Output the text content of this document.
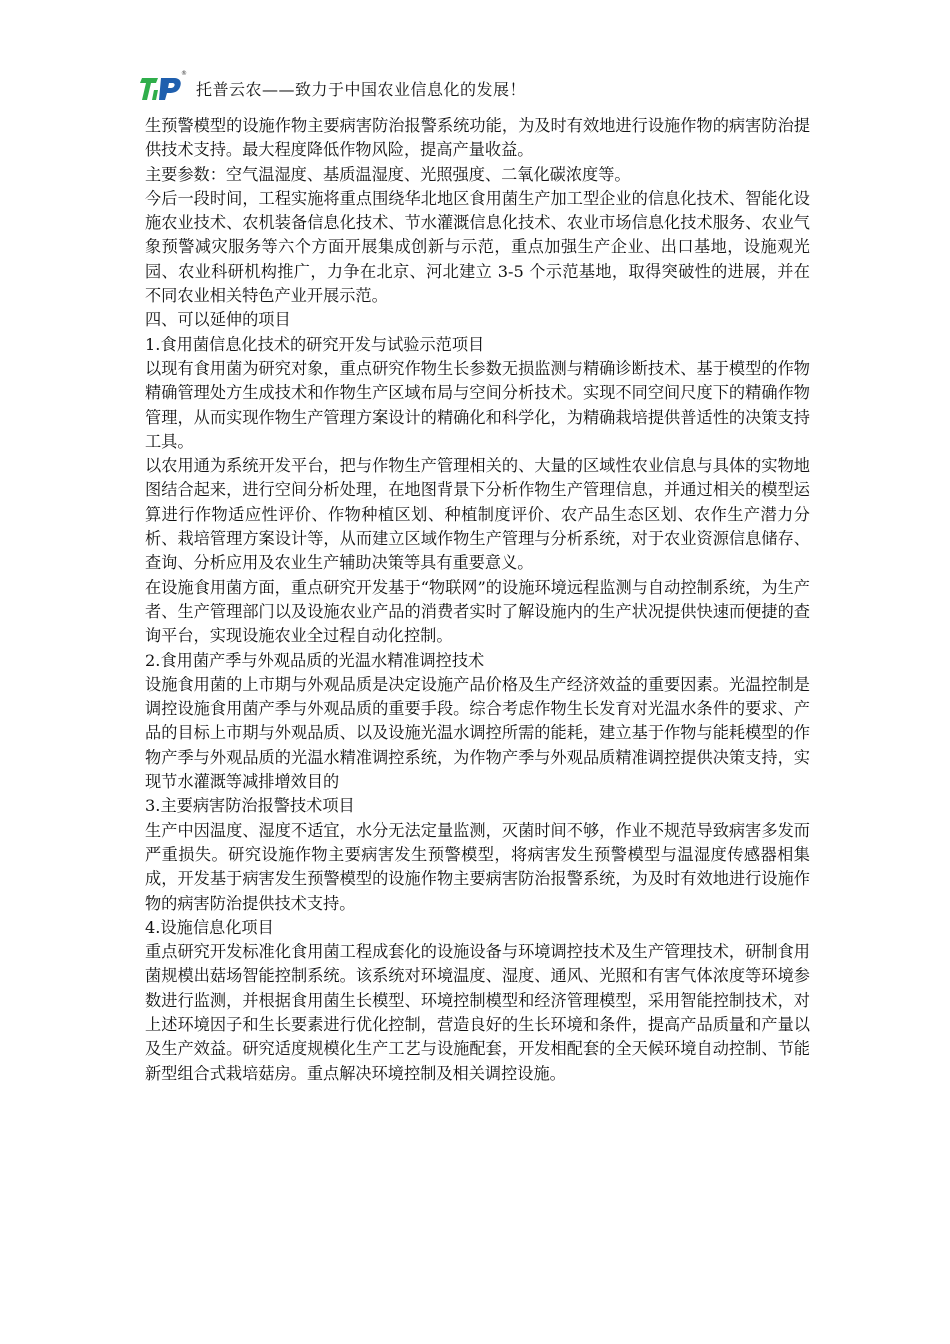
®
托普云农——致力于中国农业信息化的发展！

生预警模型的设施作物主要病害防治报警系统功能，为及时有效地进行设施作物的病害防治提供技术支持。最大程度降低作物风险，提高产量收益。

主要参数：空气温湿度、基质温湿度、光照强度、二氧化碳浓度等。

今后一段时间，工程实施将重点围绕华北地区食用菌生产加工型企业的信息化技术、智能化设施农业技术、农机装备信息化技术、节水灌溉信息化技术、农业市场信息化技术服务、农业气象预警减灾服务等六个方面开展集成创新与示范，重点加强生产企业、出口基地，设施观光园、农业科研机构推广，力争在北京、河北建立 3-5 个示范基地，取得突破性的进展，并在不同农业相关特色产业开展示范。

四、可以延伸的项目

1.食用菌信息化技术的研究开发与试验示范项目

以现有食用菌为研究对象，重点研究作物生长参数无损监测与精确诊断技术、基于模型的作物精确管理处方生成技术和作物生产区域布局与空间分析技术。实现不同空间尺度下的精确作物管理，从而实现作物生产管理方案设计的精确化和科学化，为精确栽培提供普适性的决策支持工具。

以农用通为系统开发平台，把与作物生产管理相关的、大量的区域性农业信息与具体的实物地图结合起来，进行空间分析处理，在地图背景下分析作物生产管理信息，并通过相关的模型运算进行作物适应性评价、作物种植区划、种植制度评价、农产品生态区划、农作生产潜力分析、栽培管理方案设计等，从而建立区域作物生产管理与分析系统，对于农业资源信息储存、查询、分析应用及农业生产辅助决策等具有重要意义。

在设施食用菌方面，重点研究开发基于“物联网”的设施环境远程监测与自动控制系统，为生产者、生产管理部门以及设施农业产品的消费者实时了解设施内的生产状况提供快速而便捷的查询平台，实现设施农业全过程自动化控制。

2.食用菌产季与外观品质的光温水精准调控技术

设施食用菌的上市期与外观品质是决定设施产品价格及生产经济效益的重要因素。光温控制是调控设施食用菌产季与外观品质的重要手段。综合考虑作物生长发育对光温水条件的要求、产品的目标上市期与外观品质、以及设施光温水调控所需的能耗，建立基于作物与能耗模型的作物产季与外观品质的光温水精准调控系统，为作物产季与外观品质精准调控提供决策支持，实现节水灌溉等减排增效目的

3.主要病害防治报警技术项目

生产中因温度、湿度不适宜，水分无法定量监测，灭菌时间不够，作业不规范导致病害多发而严重损失。研究设施作物主要病害发生预警模型，将病害发生预警模型与温湿度传感器相集成，开发基于病害发生预警模型的设施作物主要病害防治报警系统，为及时有效地进行设施作物的病害防治提供技术支持。

4.设施信息化项目

重点研究开发标准化食用菌工程成套化的设施设备与环境调控技术及生产管理技术，研制食用菌规模出菇场智能控制系统。该系统对环境温度、湿度、通风、光照和有害气体浓度等环境参数进行监测，并根据食用菌生长模型、环境控制模型和经济管理模型，采用智能控制技术，对上述环境因子和生长要素进行优化控制，营造良好的生长环境和条件，提高产品质量和产量以及生产效益。研究适度规模化生产工艺与设施配套，开发相配套的全天候环境自动控制、节能新型组合式栽培菇房。重点解决环境控制及相关调控设施。
